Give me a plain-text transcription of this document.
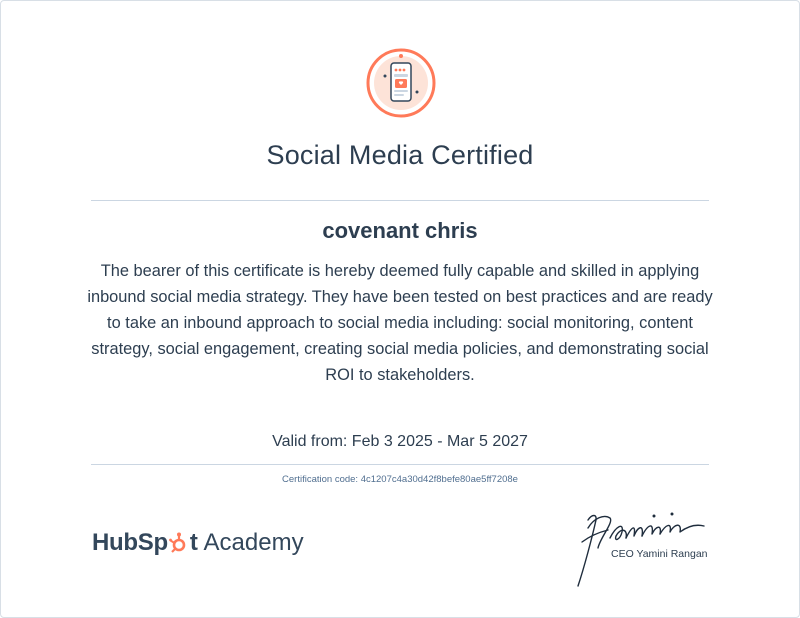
Social Media Certified
covenant chris
The bearer of this certificate is hereby deemed fully capable and skilled in applying inbound social media strategy. They have been tested on best practices and are ready to take an inbound approach to social media including: social monitoring, content strategy, social engagement, creating social media policies, and demonstrating social ROI to stakeholders.
Valid from: Feb 3 2025 - Mar 5 2027
Certification code: 4c1207c4a30d42f8befe80ae5ff7208e
HubSp t Academy	CEO Yamini Rangan
